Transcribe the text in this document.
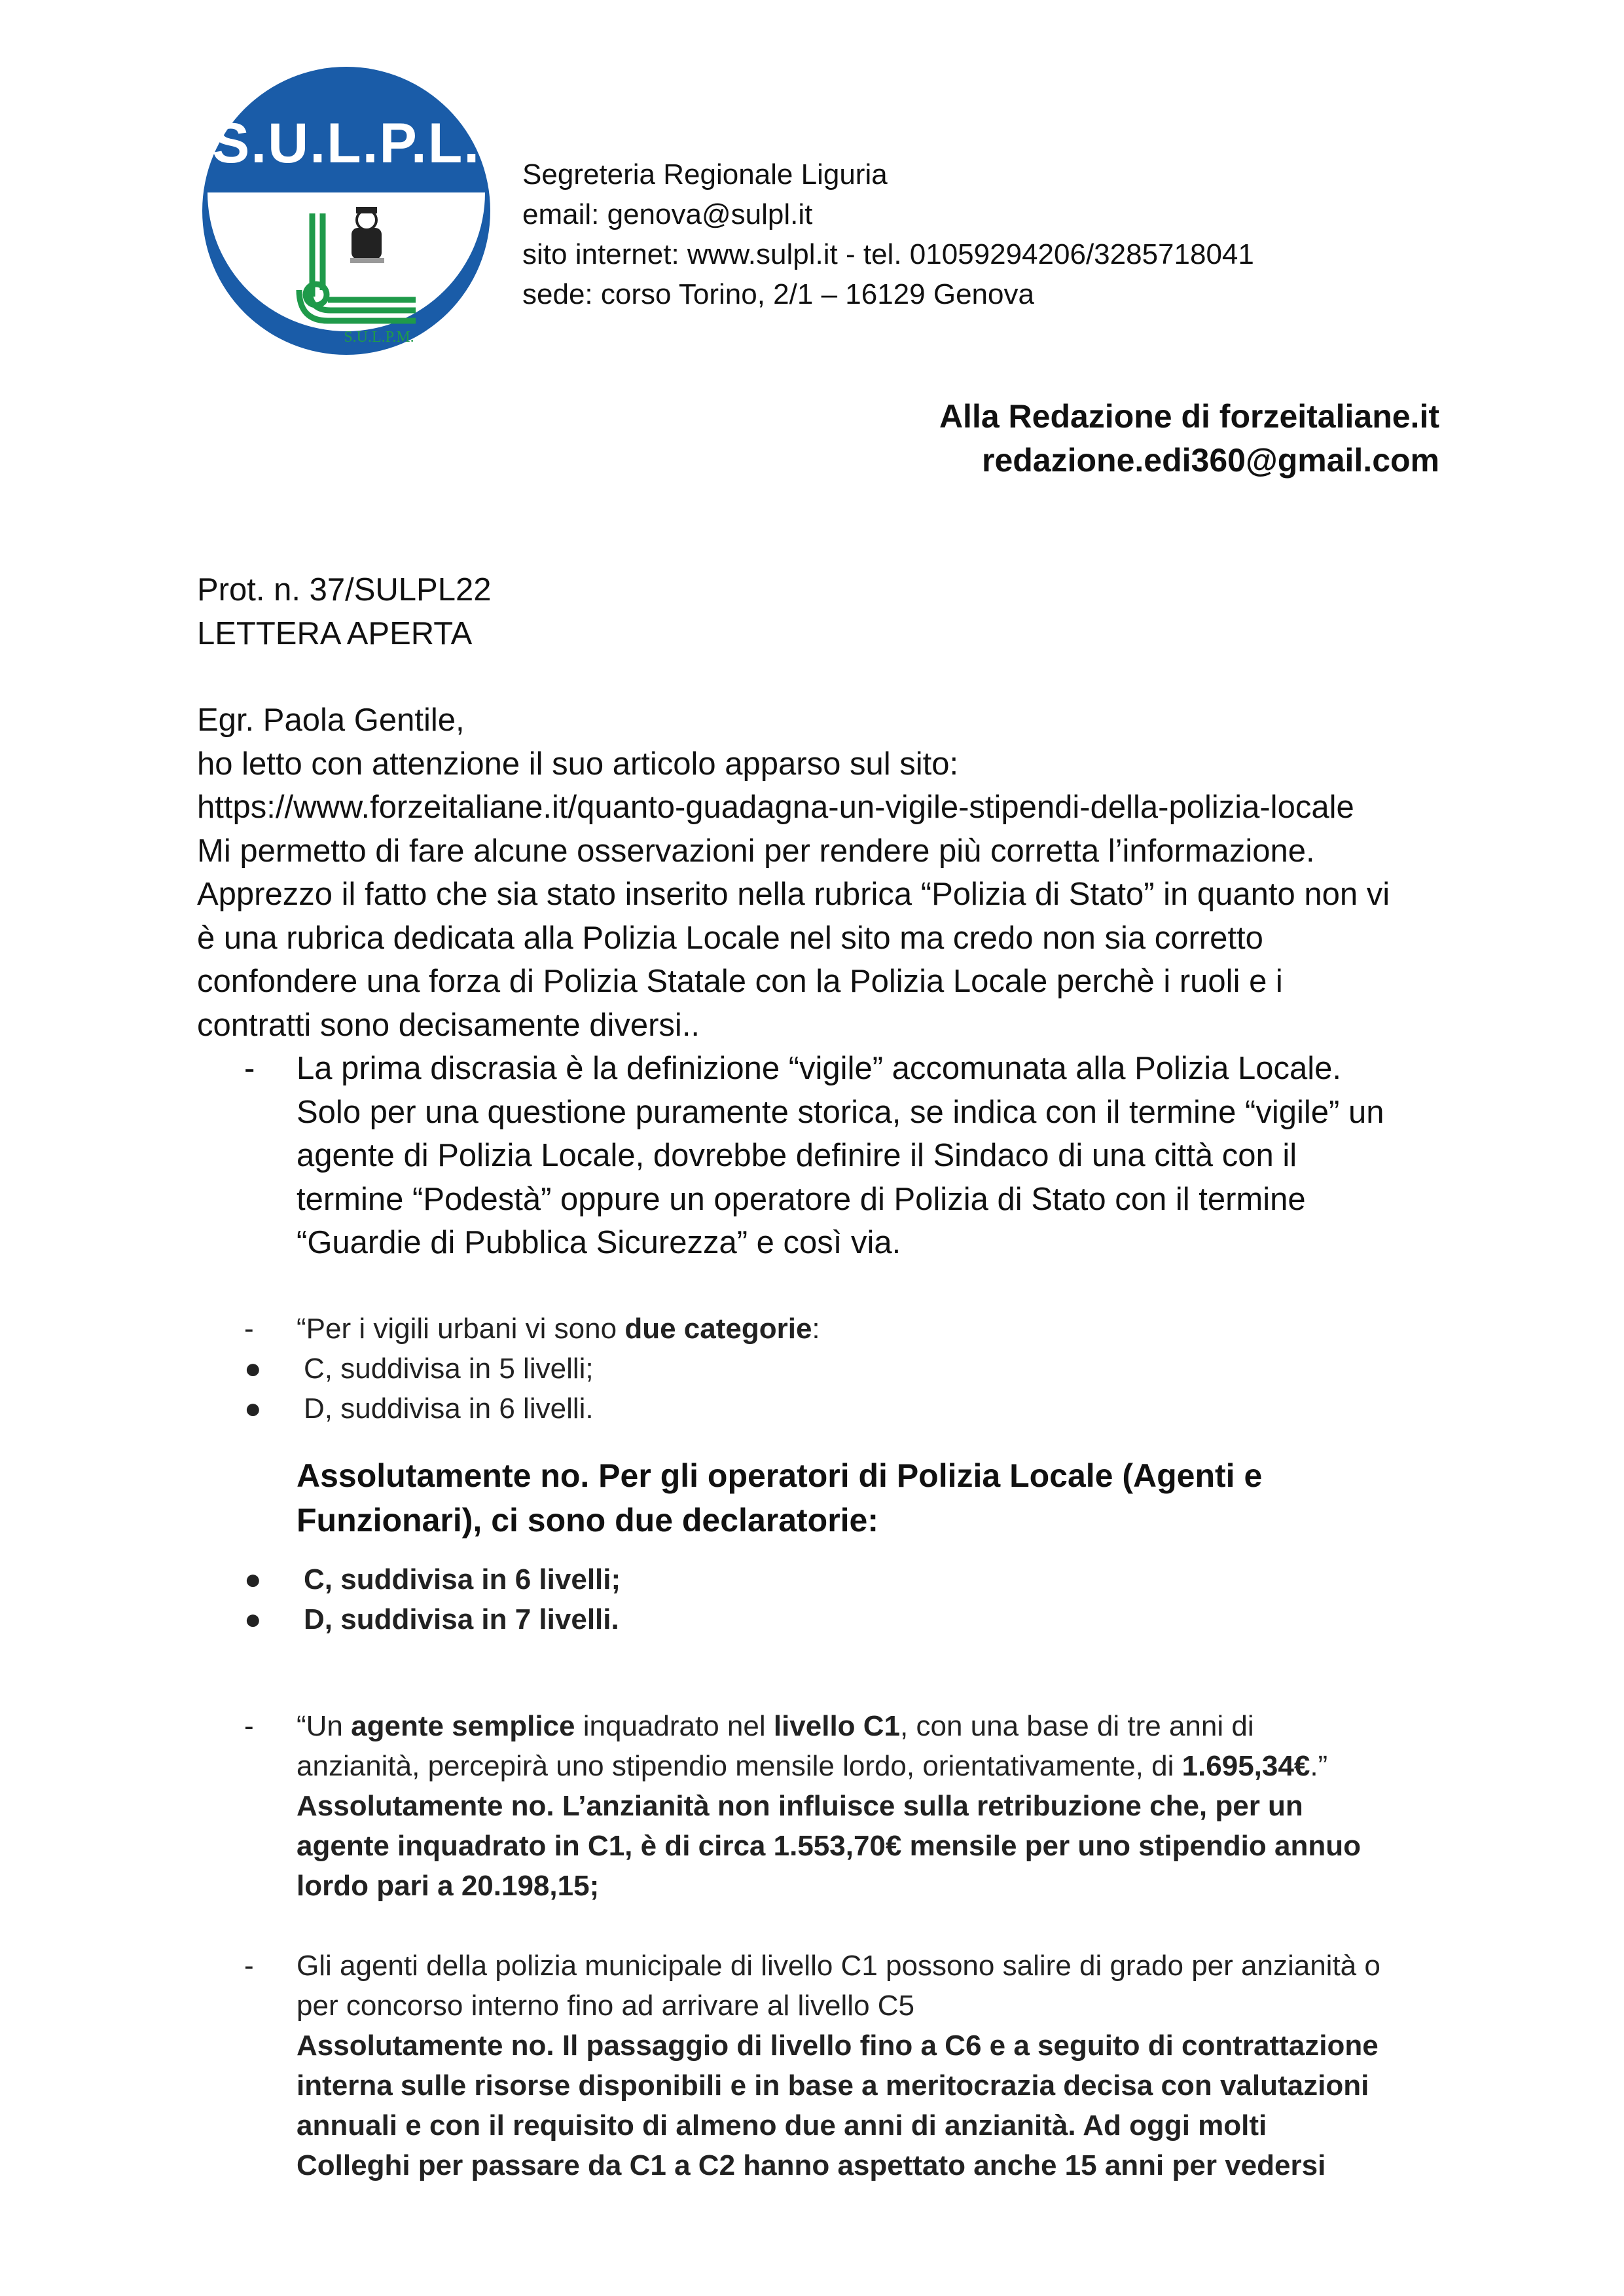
S.U.L.P.L.
S.U.L.P.M.
Segreteria Regionale Liguria
email: genova@sulpl.it
sito internet: www.sulpl.it - tel. 01059294206/3285718041
sede: corso Torino, 2/1 – 16129 Genova
Alla Redazione di forzeitaliane.it
redazione.edi360@gmail.com

Prot. n. 37/SULPL22

LETTERA APERTA

Egr. Paola Gentile,

ho letto con attenzione il suo articolo apparso sul sito:

https://www.forzeitaliane.it/quanto-guadagna-un-vigile-stipendi-della-polizia-locale

Mi permetto di fare alcune osservazioni per rendere più corretta l’informazione.

Apprezzo il fatto che sia stato inserito nella rubrica “Polizia di Stato” in quanto non vi

è una rubrica dedicata alla Polizia Locale nel sito ma credo non sia corretto

confondere una forza di Polizia Statale con la Polizia Locale perchè i ruoli e i

contratti sono decisamente diversi..

- La prima discrasia è la definizione “vigile” accomunata alla Polizia Locale.
Solo per una questione puramente storica, se indica con il termine “vigile” un
agente di Polizia Locale, dovrebbe definire il Sindaco di una città con il
termine “Podestà” oppure un operatore di Polizia di Stato con il termine
“Guardie di Pubblica Sicurezza” e così via.
- “Per i vigili urbani vi sono due categorie:
● C, suddivisa in 5 livelli;
● D, suddivisa in 6 livelli.
Assolutamente no. Per gli operatori di Polizia Locale (Agenti e
Funzionari), ci sono due declaratorie:
● C, suddivisa in 6 livelli;
● D, suddivisa in 7 livelli.
- “Un agente semplice inquadrato nel livello C1, con una base di tre anni di
anzianità, percepirà uno stipendio mensile lordo, orientativamente, di 1.695,34€.”
Assolutamente no. L’anzianità non influisce sulla retribuzione che, per un
agente inquadrato in C1, è di circa 1.553,70€ mensile per uno stipendio annuo
lordo pari a 20.198,15;
- Gli agenti della polizia municipale di livello C1 possono salire di grado per anzianità o
per concorso interno fino ad arrivare al livello C5
Assolutamente no. Il passaggio di livello fino a C6 e a seguito di contrattazione
interna sulle risorse disponibili e in base a meritocrazia decisa con valutazioni
annuali e con il requisito di almeno due anni di anzianità. Ad oggi molti
Colleghi per passare da C1 a C2 hanno aspettato anche 15 anni per vedersi
